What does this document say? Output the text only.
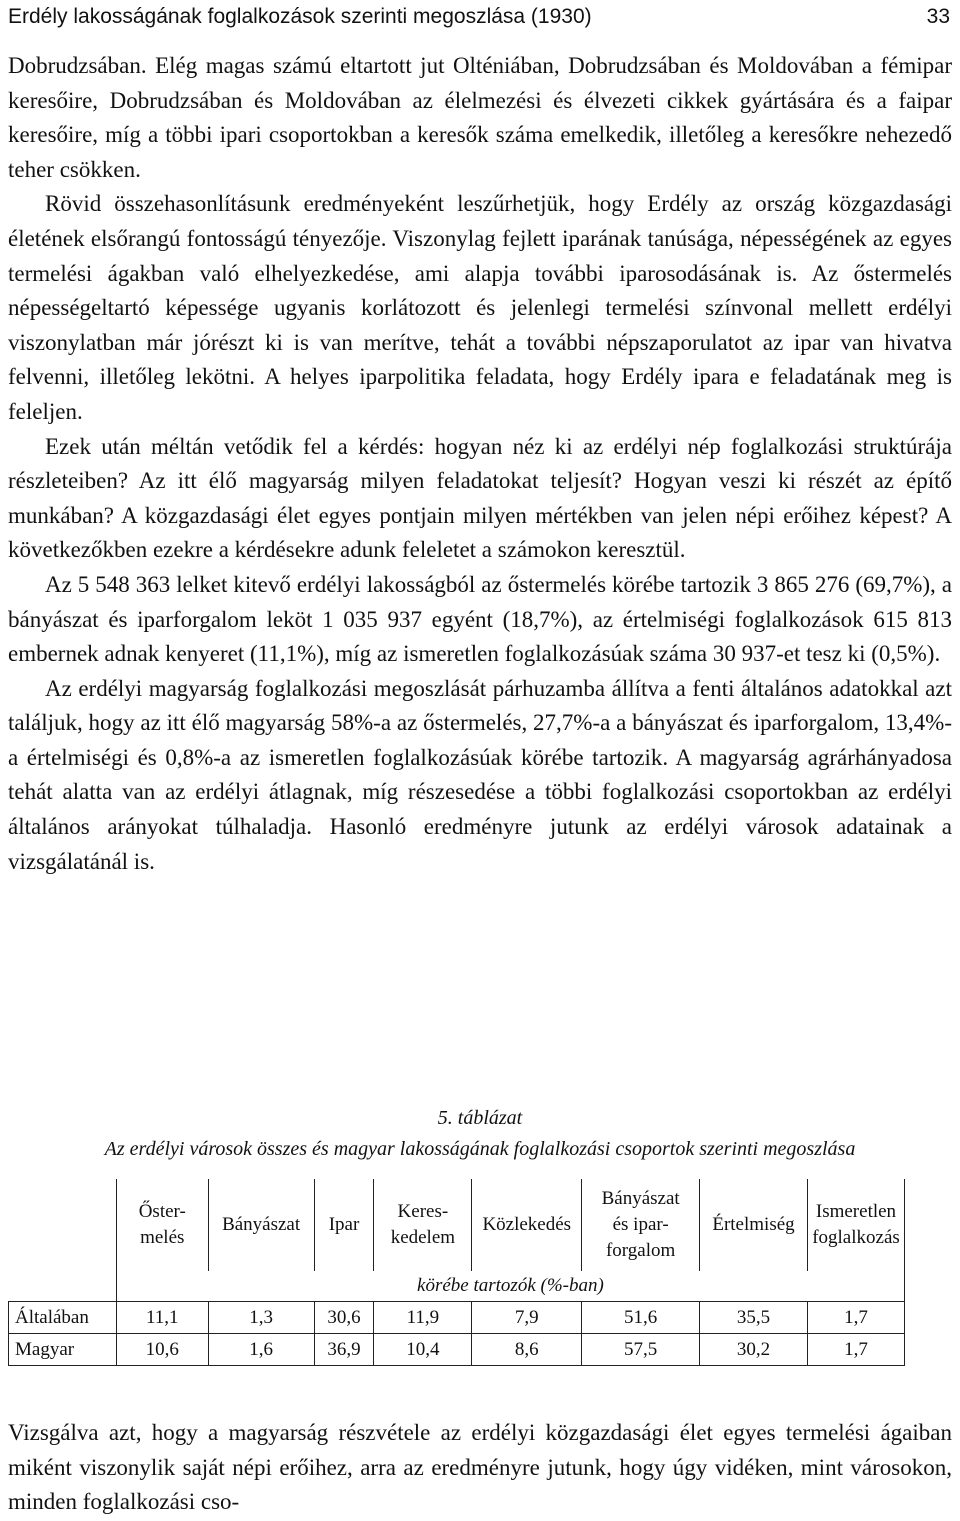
Erdély lakosságának foglalkozások szerinti megoszlása (1930)	33

Dobrudzsában. Elég magas számú eltartott jut Olténiában, Dobrudzsában és Moldovában a fémipar keresőire, Dobrudzsában és Moldovában az élelmezési és élvezeti cikkek gyártására és a faipar keresőire, míg a többi ipari csoportokban a keresők száma emelkedik, illetőleg a keresőkre nehezedő teher csökken.

Rövid összehasonlításunk eredményeként leszűrhetjük, hogy Erdély az ország közgazdasági életének elsőrangú fontosságú tényezője. Viszonylag fejlett iparának tanúsága, népességének az egyes termelési ágakban való elhelyezkedése, ami alapja további iparosodásának is. Az őstermelés népességeltartó képessége ugyanis korlátozott és jelenlegi termelési színvonal mellett erdélyi viszonylatban már jórészt ki is van merítve, tehát a további népszaporulatot az ipar van hivatva felvenni, illetőleg lekötni. A helyes iparpolitika feladata, hogy Erdély ipara e feladatának meg is feleljen.

Ezek után méltán vetődik fel a kérdés: hogyan néz ki az erdélyi nép foglalkozási struktúrája részleteiben? Az itt élő magyarság milyen feladatokat teljesít? Hogyan veszi ki részét az építő munkában? A közgazdasági élet egyes pontjain milyen mértékben van jelen népi erőihez képest? A következőkben ezekre a kérdésekre adunk feleletet a számokon keresztül.

Az 5 548 363 lelket kitevő erdélyi lakosságból az őstermelés körébe tartozik 3 865 276 (69,7%), a bányászat és iparforgalom leköt 1 035 937 egyént (18,7%), az értelmiségi foglalkozások 615 813 embernek adnak kenyeret (11,1%), míg az ismeretlen foglalkozásúak száma 30 937-et tesz ki (0,5%).

Az erdélyi magyarság foglalkozási megoszlását párhuzamba állítva a fenti általános adatokkal azt találjuk, hogy az itt élő magyarság 58%-a az őstermelés, 27,7%-a a bányászat és iparforgalom, 13,4%-a értelmiségi és 0,8%-a az ismeretlen foglalkozásúak körébe tartozik. A magyarság agrárhányadosa tehát alatta van az erdélyi átlagnak, míg részesedése a többi foglalkozási csoportokban az erdélyi általános arányokat túlhaladja. Hasonló eredményre jutunk az erdélyi városok adatainak a vizsgálatánál is.

5. táblázat
Az erdélyi városok összes és magyar lakosságának foglalkozási csoportok szerinti megoszlása
	Őster-
melés	Bányászat	Ipar	Keres-
kedelem	Közlekedés	Bányászat
és ipar-
forgalom	Értelmiség	Ismeretlen
foglalkozás
	körébe tartozók (%-ban)							
Általában	11,1	1,3	30,6	11,9	7,9	51,6	35,5	1,7
Magyar	10,6	1,6	36,9	10,4	8,6	57,5	30,2	1,7

Vizsgálva azt, hogy a magyarság részvétele az erdélyi közgazdasági élet egyes termelési ágaiban miként viszonylik saját népi erőihez, arra az eredményre jutunk, hogy úgy vidéken, mint városokon, minden foglalkozási cso-
